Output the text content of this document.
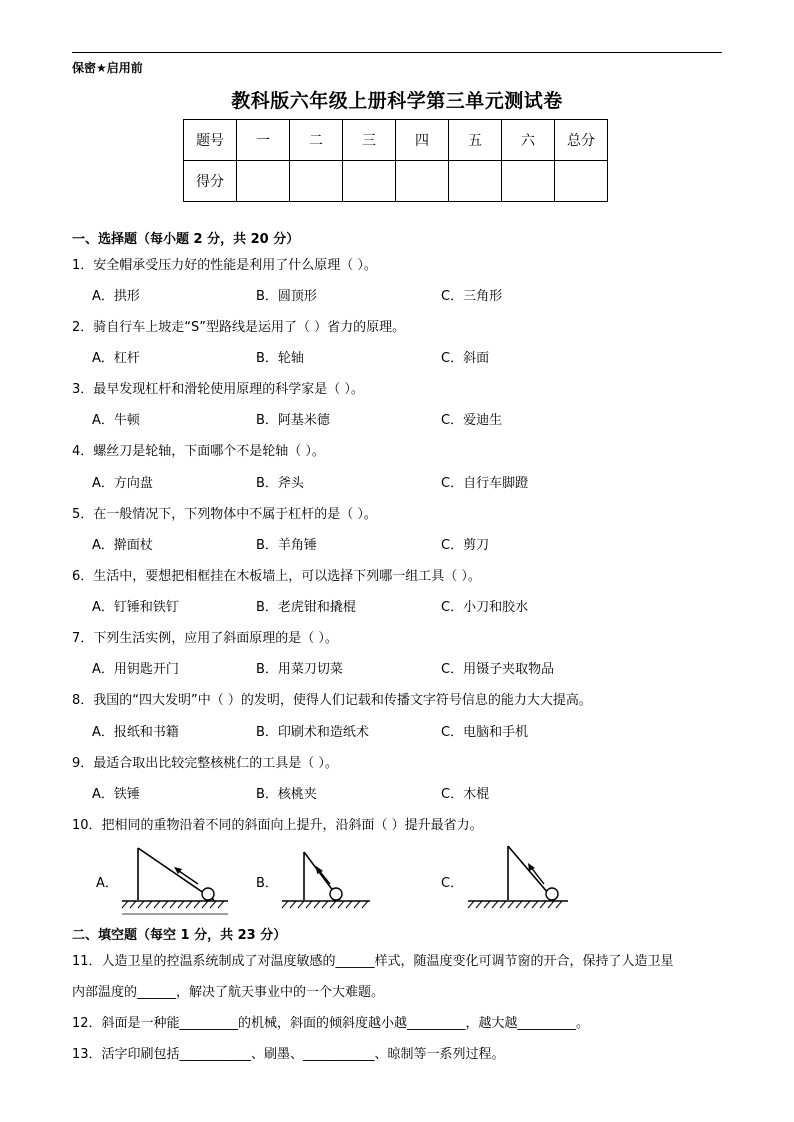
保密★启用前
教科版六年级上册科学第三单元测试卷
题号	一	二	三	四	五	六	总分
得分							
一、选择题（每小题 2 分，共 20 分）
1．安全帽承受压力好的性能是利用了什么原理（ ）。
A．拱形	B．圆顶形	C．三角形
2．骑自行车上坡走“S”型路线是运用了（ ）省力的原理。
A．杠杆	B．轮轴	C．斜面
3．最早发现杠杆和滑轮使用原理的科学家是（ ）。
A．牛顿	B．阿基米德	C．爱迪生
4．螺丝刀是轮轴，下面哪个不是轮轴（ ）。
A．方向盘	B．斧头	C．自行车脚蹬
5．在一般情况下，下列物体中不属于杠杆的是（ ）。
A．擀面杖	B．羊角锤	C．剪刀
6．生活中，要想把相框挂在木板墙上，可以选择下列哪一组工具（ ）。
A．钉锤和铁钉	B．老虎钳和撬棍	C．小刀和胶水
7．下列生活实例，应用了斜面原理的是（ ）。
A．用钥匙开门	B．用菜刀切菜	C．用镊子夹取物品
8．我国的“四大发明”中（ ）的发明，使得人们记载和传播文字符号信息的能力大大提高。
A．报纸和书籍	B．印刷术和造纸术	C．电脑和手机
9．最适合取出比较完整核桃仁的工具是（ ）。
A．铁锤	B．核桃夹	C．木棍
10．把相同的重物沿着不同的斜面向上提升，沿斜面（ ）提升最省力。
A．	B．	C．
二、填空题（每空 1 分，共 23 分）
11．人造卫星的控温系统制成了对温度敏感的______样式，随温度变化可调节窗的开合，保持了人造卫星
内部温度的______，解决了航天事业中的一个大难题。
12．斜面是一种能_________的机械，斜面的倾斜度越小越_________，越大越_________。
13．活字印刷包括___________、刷墨、___________、晾制等一系列过程。
